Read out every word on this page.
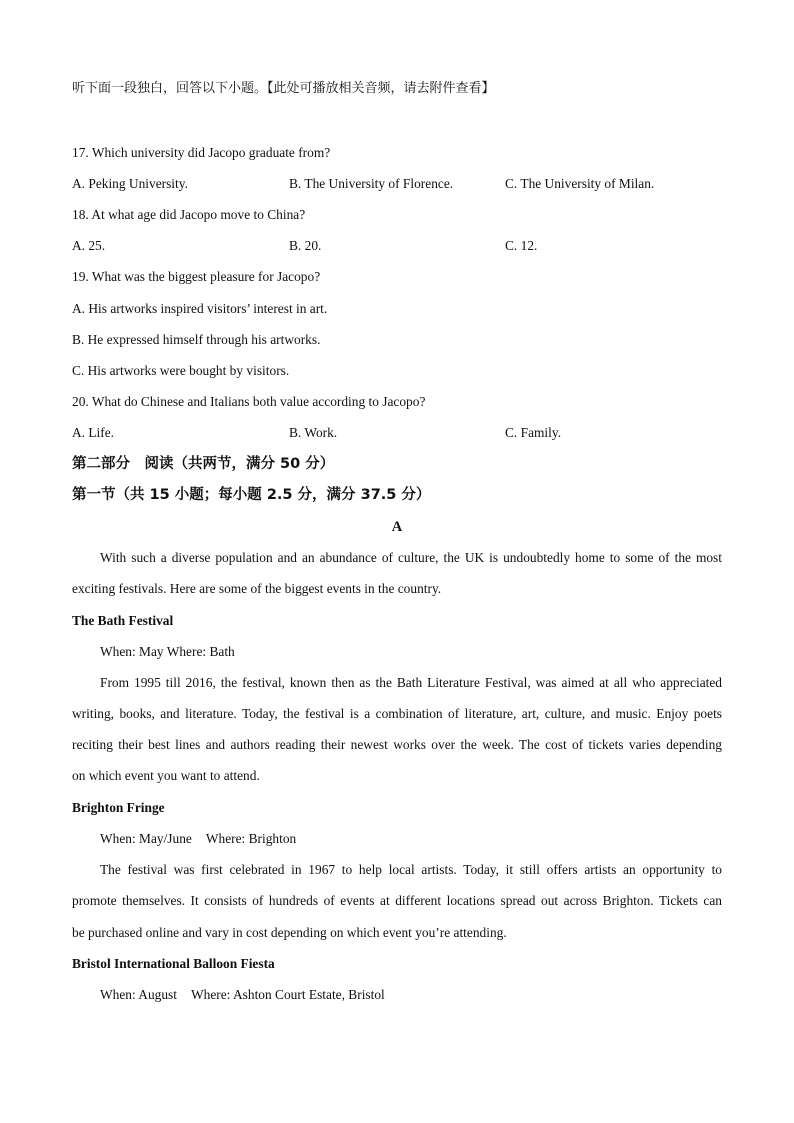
听下面一段独白，回答以下小题。【此处可播放相关音频，请去附件查看】
17. Which university did Jacopo graduate from?
A. Peking University.	B. The University of Florence.	C. The University of Milan.
18. At what age did Jacopo move to China?
A. 25.	B. 20.	C. 12.
19. What was the biggest pleasure for Jacopo?
A. His artworks inspired visitors’ interest in art.
B. He expressed himself through his artworks.
C. His artworks were bought by visitors.
20. What do Chinese and Italians both value according to Jacopo?
A. Life.	B. Work.	C. Family.
第二部分　阅读（共两节，满分 50 分）
第一节（共 15 小题；每小题 2.5 分，满分 37.5 分）
A
With such a diverse population and an abundance of culture, the UK is undoubtedly home to some of the most
exciting festivals. Here are some of the biggest events in the country.
The Bath Festival
When: May Where: Bath
From 1995 till 2016, the festival, known then as the Bath Literature Festival, was aimed at all who appreciated
writing, books, and literature. Today, the festival is a combination of literature, art, culture, and music. Enjoy poets
reciting their best lines and authors reading their newest works over the week. The cost of tickets varies depending
on which event you want to attend.
Brighton Fringe
When: May/June Where: Brighton
The festival was first celebrated in 1967 to help local artists. Today, it still offers artists an opportunity to
promote themselves. It consists of hundreds of events at different locations spread out across Brighton. Tickets can
be purchased online and vary in cost depending on which event you’re attending.
Bristol International Balloon Fiesta
When: August Where: Ashton Court Estate, Bristol
